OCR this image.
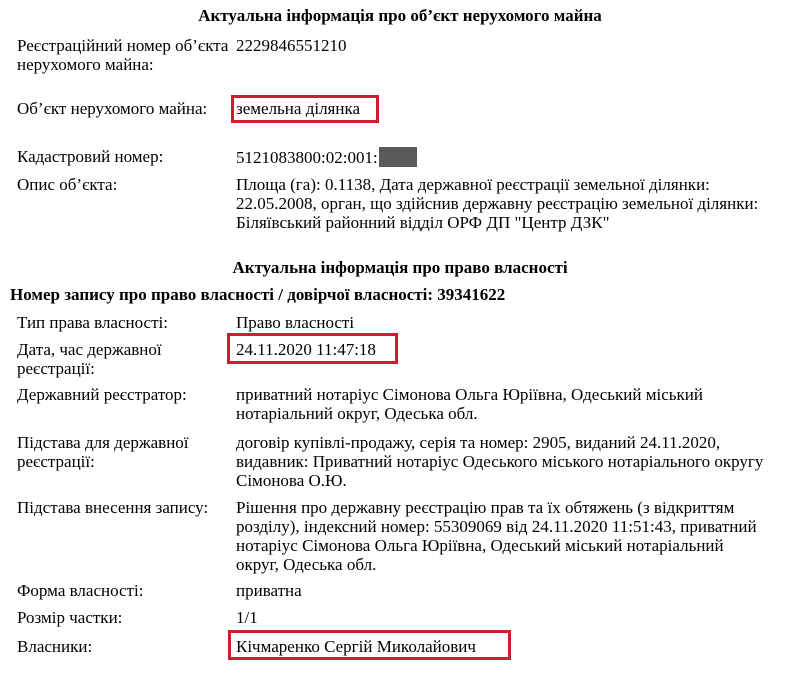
Актуальна інформація про об’єкт нерухомого майна
Реєстраційний номер об’єкта нерухомого майна:
2229846551210
Об’єкт нерухомого майна:	земельна ділянка
Кадастровий номер:	5121083800:02:001:
Опис об’єкта:	Площа (га): 0.1138, Дата державної реєстрації земельної ділянки: 22.05.2008, орган, що здійснив державну реєстрацію земельної ділянки: Біляївський районний відділ ОРФ ДП "Центр ДЗК"
Актуальна інформація про право власності
Номер запису про право власності / довірчої власності: 39341622
Тип права власності:	Право власності
Дата, час державної реєстрації:
24.11.2020 11:47:18
Державний реєстратор:	приватний нотаріус Сімонова Ольга Юріївна, Одеський міський нотаріальний округ, Одеська обл.
Підстава для державної реєстрації:
договір купівлі-продажу, серія та номер: 2905, виданий 24.11.2020, видавник: Приватний нотаріус Одеського міського нотаріального округу Сімонова О.Ю.
Підстава внесення запису:	Рішення про державну реєстрацію прав та їх обтяжень (з відкриттям розділу), індексний номер: 55309069 від 24.11.2020 11:51:43, приватний нотаріус Сімонова Ольга Юріївна, Одеський міський нотаріальний округ, Одеська обл.
Форма власності:	приватна
Розмір частки:	1/1
Власники:	Кічмаренко Сергій Миколайович
